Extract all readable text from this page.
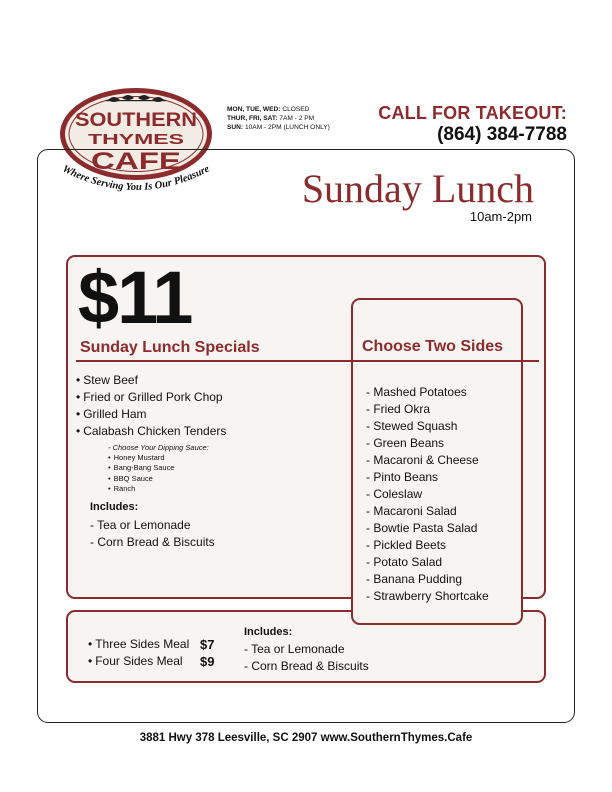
SOUTHERN
THYMES
CAFE
Where Serving You Is Our Pleasure
MON, TUE, WED: CLOSED
THUR, FRI, SAT: 7AM - 2 PM
SUN: 10AM - 2PM (LUNCH ONLY)
CALL FOR TAKEOUT:
(864) 384-7788
Sunday Lunch
10am-2pm
$11
Sunday Lunch Specials	Choose Two Sides
• Stew Beef
• Fried or Grilled Pork Chop
• Grilled Ham
• Calabash Chicken Tenders
- Choose Your Dipping Sauce:
• Honey Mustard
• Bang-Bang Sauce
• BBQ Sauce
• Ranch
Includes:
- Tea or Lemonade
- Corn Bread & Biscuits
- Mashed Potatoes
- Fried Okra
- Stewed Squash
- Green Beans
- Macaroni & Cheese
- Pinto Beans
- Coleslaw
- Macaroni Salad
- Bowtie Pasta Salad
- Pickled Beets
- Potato Salad
- Banana Pudding
- Strawberry Shortcake
• Three Sides Meal $7
• Four Sides Meal $9
Includes:
- Tea or Lemonade
- Corn Bread & Biscuits
3881 Hwy 378 Leesville, SC 2907 www.SouthernThymes.Cafe
